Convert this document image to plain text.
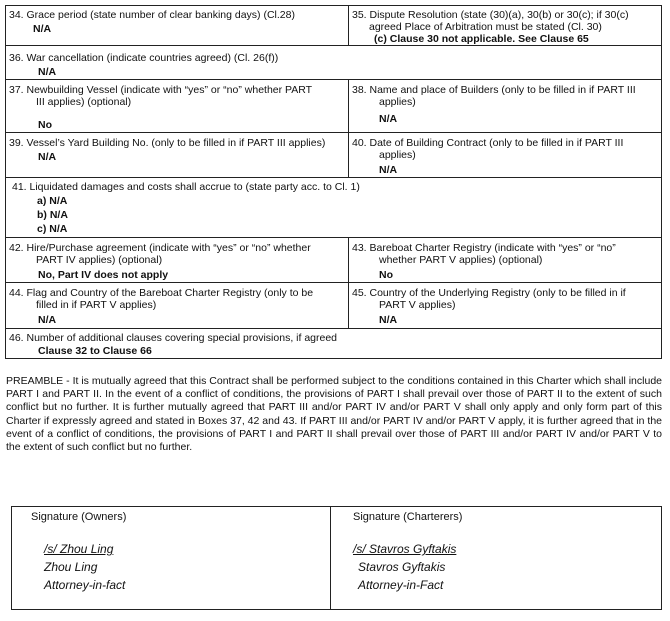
34. Grace period (state number of clear banking days) (Cl.28)
N/A
35. Dispute Resolution (state (30)(a), 30(b) or 30(c); if 30(c)
agreed Place of Arbitration must be stated (Cl. 30)
(c) Clause 30 not applicable. See Clause 65
36. War cancellation (indicate countries agreed) (Cl. 26(f))
N/A
37. Newbuilding Vessel (indicate with “yes” or “no” whether PART
III applies) (optional)
No
38. Name and place of Builders (only to be filled in if PART III
applies)
N/A
39. Vessel’s Yard Building No. (only to be filled in if PART III applies)
N/A
40. Date of Building Contract (only to be filled in if PART III
applies)
N/A
41. Liquidated damages and costs shall accrue to (state party acc. to Cl. 1)
a) N/A
b) N/A
c) N/A
42. Hire/Purchase agreement (indicate with “yes” or “no” whether
PART IV applies) (optional)
No, Part IV does not apply
43. Bareboat Charter Registry (indicate with “yes” or “no”
whether PART V applies) (optional)
No
44. Flag and Country of the Bareboat Charter Registry (only to be
filled in if PART V applies)
N/A
45. Country of the Underlying Registry (only to be filled in if
PART V applies)
N/A
46. Number of additional clauses covering special provisions, if agreed
Clause 32 to Clause 66
PREAMBLE - It is mutually agreed that this Contract shall be performed subject to the conditions contained in this Charter which shall include PART I and PART II. In the event of a conflict of conditions, the provisions of PART I shall prevail over those of PART II to the extent of such conflict but no further. It is further mutually agreed that PART III and/or PART IV and/or PART V shall only apply and only form part of this Charter if expressly agreed and stated in Boxes 37, 42 and 43. If PART III and/or PART IV and/or PART V apply, it is further agreed that in the event of a conflict of conditions, the provisions of PART I and PART II shall prevail over those of PART III and/or PART IV and/or PART V to the extent of such conflict but no further.
Signature (Owners)
/s/ Zhou Ling
Zhou Ling
Attorney-in-fact
Signature (Charterers)
/s/ Stavros Gyftakis
Stavros Gyftakis
Attorney-in-Fact
